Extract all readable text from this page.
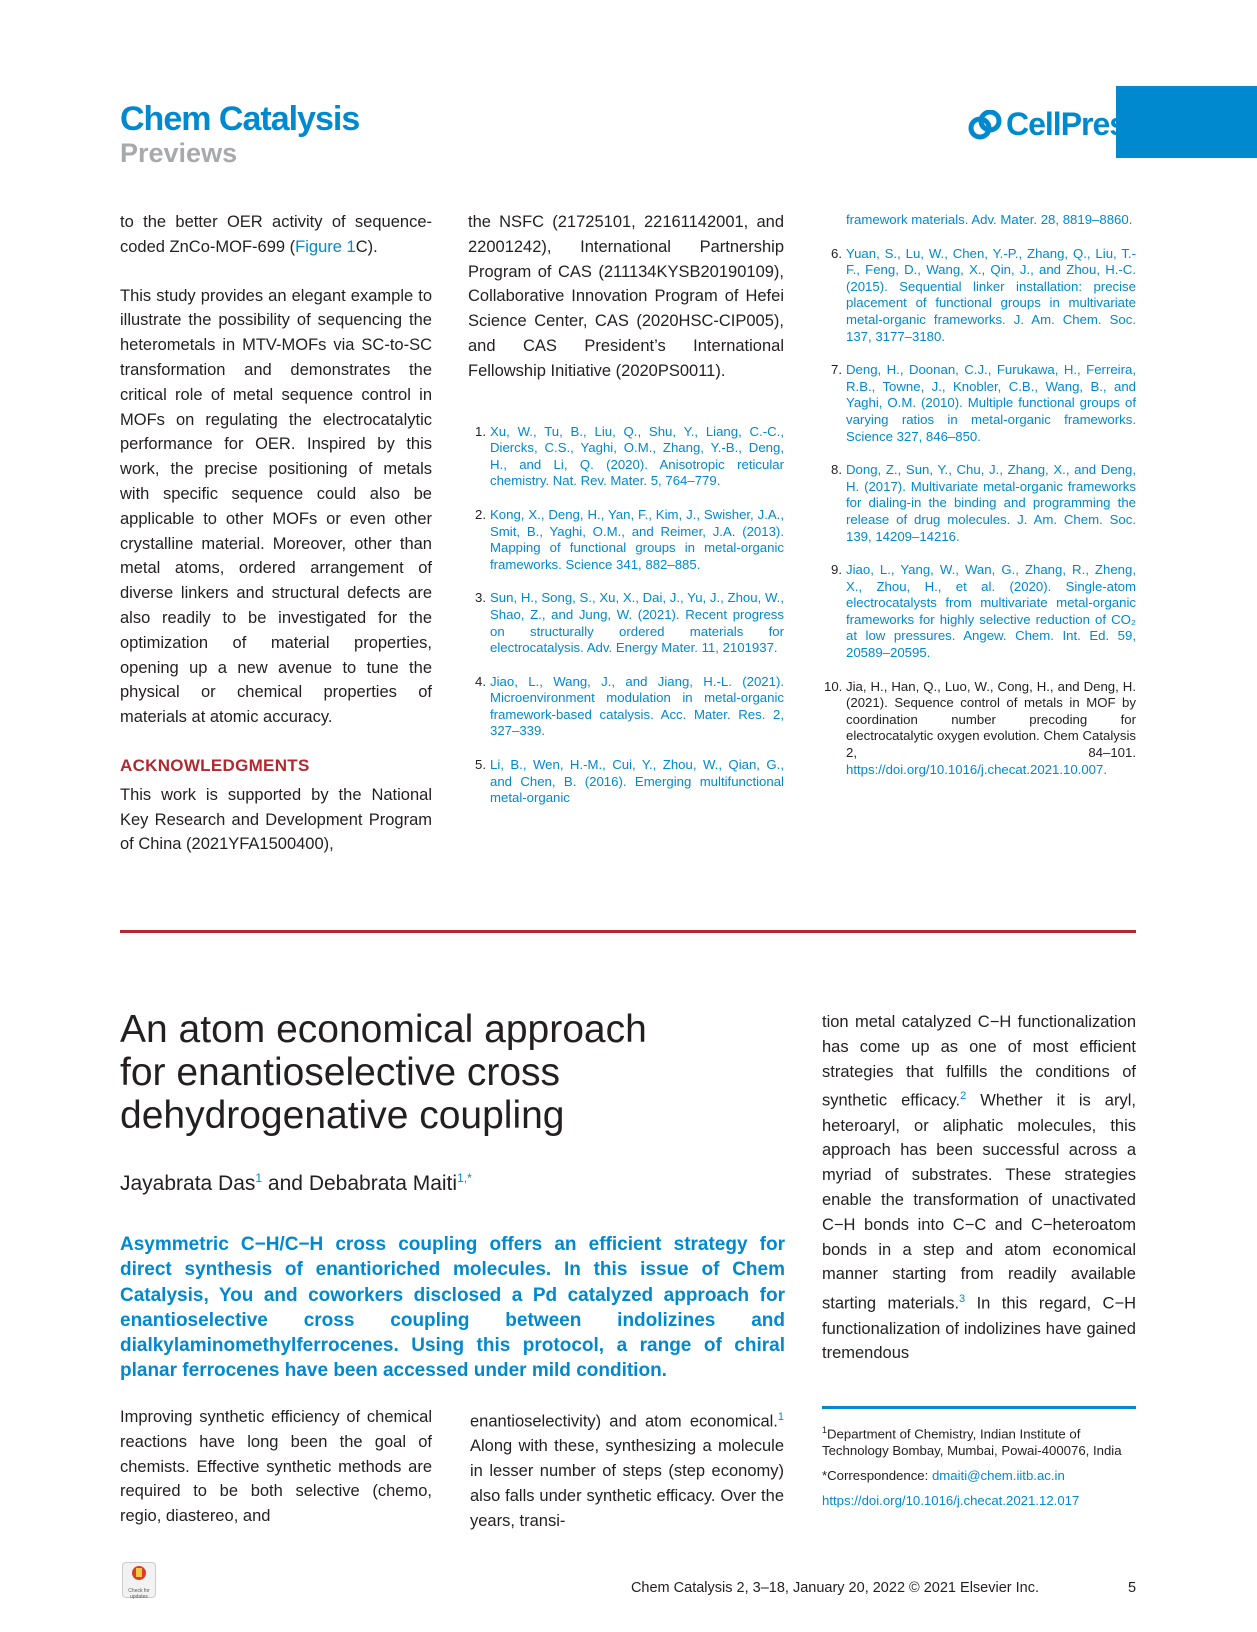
Chem Catalysis
Previews
CellPress

to the better OER activity of sequence-coded ZnCo-MOF-699 (Figure 1C).

This study provides an elegant example to illustrate the possibility of sequencing the heterometals in MTV-MOFs via SC-to-SC transformation and demonstrates the critical role of metal sequence control in MOFs on regulating the electrocatalytic performance for OER. Inspired by this work, the precise positioning of metals with specific sequence could also be applicable to other MOFs or even other crystalline material. Moreover, other than metal atoms, ordered arrangement of diverse linkers and structural defects are also readily to be investigated for the optimization of material properties, opening up a new avenue to tune the physical or chemical properties of materials at atomic accuracy.

ACKNOWLEDGMENTS

This work is supported by the National Key Research and Development Program of China (2021YFA1500400),

the NSFC (21725101, 22161142001, and 22001242), International Partnership Program of CAS (211134KYSB20190109), Collaborative Innovation Program of Hefei Science Center, CAS (2020HSC-CIP005), and CAS President’s International Fellowship Initiative (2020PS0011).

1. Xu, W., Tu, B., Liu, Q., Shu, Y., Liang, C.-C., Diercks, C.S., Yaghi, O.M., Zhang, Y.-B., Deng, H., and Li, Q. (2020). Anisotropic reticular chemistry. Nat. Rev. Mater. 5, 764–779.
2. Kong, X., Deng, H., Yan, F., Kim, J., Swisher, J.A., Smit, B., Yaghi, O.M., and Reimer, J.A. (2013). Mapping of functional groups in metal-organic frameworks. Science 341, 882–885.
3. Sun, H., Song, S., Xu, X., Dai, J., Yu, J., Zhou, W., Shao, Z., and Jung, W. (2021). Recent progress on structurally ordered materials for electrocatalysis. Adv. Energy Mater. 11, 2101937.
4. Jiao, L., Wang, J., and Jiang, H.-L. (2021). Microenvironment modulation in metal-organic framework-based catalysis. Acc. Mater. Res. 2, 327–339.
5. Li, B., Wen, H.-M., Cui, Y., Zhou, W., Qian, G., and Chen, B. (2016). Emerging multifunctional metal-organic
framework materials. Adv. Mater. 28, 8819–8860.
6. Yuan, S., Lu, W., Chen, Y.-P., Zhang, Q., Liu, T.-F., Feng, D., Wang, X., Qin, J., and Zhou, H.-C. (2015). Sequential linker installation: precise placement of functional groups in multivariate metal-organic frameworks. J. Am. Chem. Soc. 137, 3177–3180.
7. Deng, H., Doonan, C.J., Furukawa, H., Ferreira, R.B., Towne, J., Knobler, C.B., Wang, B., and Yaghi, O.M. (2010). Multiple functional groups of varying ratios in metal-organic frameworks. Science 327, 846–850.
8. Dong, Z., Sun, Y., Chu, J., Zhang, X., and Deng, H. (2017). Multivariate metal-organic frameworks for dialing-in the binding and programming the release of drug molecules. J. Am. Chem. Soc. 139, 14209–14216.
9. Jiao, L., Yang, W., Wan, G., Zhang, R., Zheng, X., Zhou, H., et al. (2020). Single-atom electrocatalysts from multivariate metal-organic frameworks for highly selective reduction of CO₂ at low pressures. Angew. Chem. Int. Ed. 59, 20589–20595.
10. Jia, H., Han, Q., Luo, W., Cong, H., and Deng, H. (2021). Sequence control of metals in MOF by coordination number precoding for electrocatalytic oxygen evolution. Chem Catalysis 2, 84–101. https://doi.org/10.1016/j.checat.2021.10.007.
An atom economical approach for enantioselective cross dehydrogenative coupling

Jayabrata Das$^1$ and Debabrata Maiti$^{1,*}$

Asymmetric C−H/C−H cross coupling offers an efficient strategy for direct synthesis of enantioriched molecules. In this issue of Chem Catalysis, You and coworkers disclosed a Pd catalyzed approach for enantioselective cross coupling between indolizines and dialkylaminomethylferrocenes. Using this protocol, a range of chiral planar ferrocenes have been accessed under mild condition.

Improving synthetic efficiency of chemical reactions have long been the goal of chemists. Effective synthetic methods are required to be both selective (chemo, regio, diastereo, and

enantioselectivity) and atom economical.$^1$ Along with these, synthesizing a molecule in lesser number of steps (step economy) also falls under synthetic efficacy. Over the years, transi-

tion metal catalyzed C−H functionalization has come up as one of most efficient strategies that fulfills the conditions of synthetic efficacy.$^2$ Whether it is aryl, heteroaryl, or aliphatic molecules, this approach has been successful across a myriad of substrates. These strategies enable the transformation of unactivated C−H bonds into C−C and C−heteroatom bonds in a step and atom economical manner starting from readily available starting materials.$^3$ In this regard, C−H functionalization of indolizines have gained tremendous

$^1$Department of Chemistry, Indian Institute of Technology Bombay, Mumbai, Powai-400076, India

*Correspondence: dmaiti@chem.iitb.ac.in

https://doi.org/10.1016/j.checat.2021.12.017

Check for updates
Chem Catalysis 2, 3–18, January 20, 2022 © 2021 Elsevier Inc.	5
